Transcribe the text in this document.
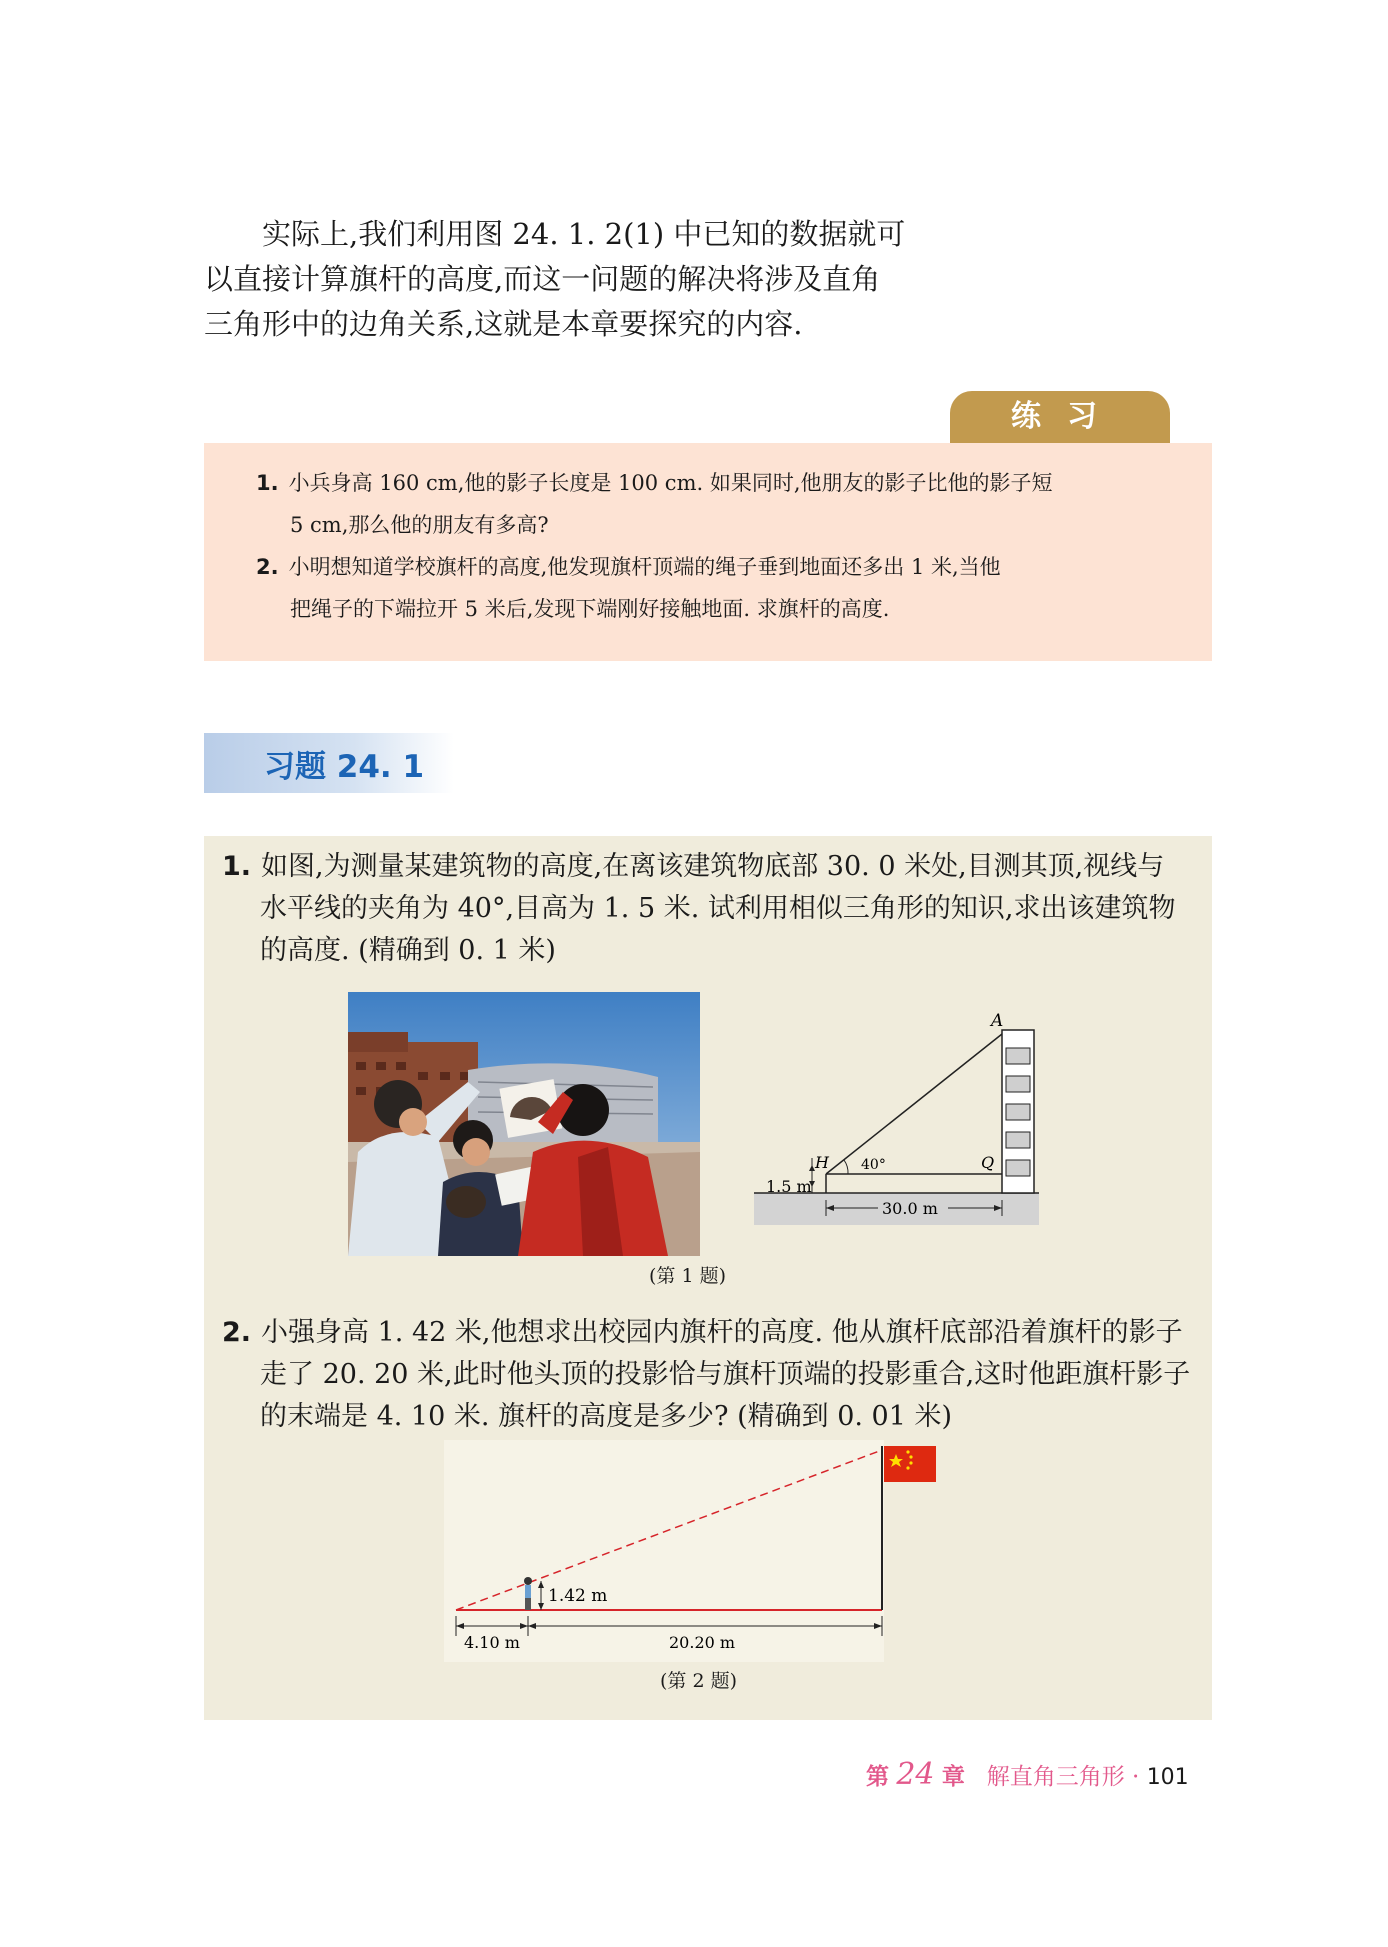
实际上,我们利用图 24. 1. 2(1) 中已知的数据就可

以直接计算旗杆的高度,而这一问题的解决将涉及直角

三角形中的边角关系,这就是本章要探究的内容.

练习
1. 小兵身高 160 cm,他的影子长度是 100 cm. 如果同时,他朋友的影子比他的影子短
5 cm,那么他的朋友有多高?
2. 小明想知道学校旗杆的高度,他发现旗杆顶端的绳子垂到地面还多出 1 米,当他
把绳子的下端拉开 5 米后,发现下端刚好接触地面. 求旗杆的高度.
习题 24. 1
1. 如图,为测量某建筑物的高度,在离该建筑物底部 30. 0 米处,目测其顶,视线与
水平线的夹角为 40°,目高为 1. 5 米. 试利用相似三角形的知识,求出该建筑物
的高度. (精确到 0. 1 米)
A
H	Q
40°
1.5 m
30.0 m
(第 1 题)
2. 小强身高 1. 42 米,他想求出校园内旗杆的高度. 他从旗杆底部沿着旗杆的影子
走了 20. 20 米,此时他头顶的投影恰与旗杆顶端的投影重合,这时他距旗杆影子
的末端是 4. 10 米. 旗杆的高度是多少? (精确到 0. 01 米)
1.42 m
4.10 m	20.20 m
(第 2 题)
第 24 章 解直角三角形 · 101
